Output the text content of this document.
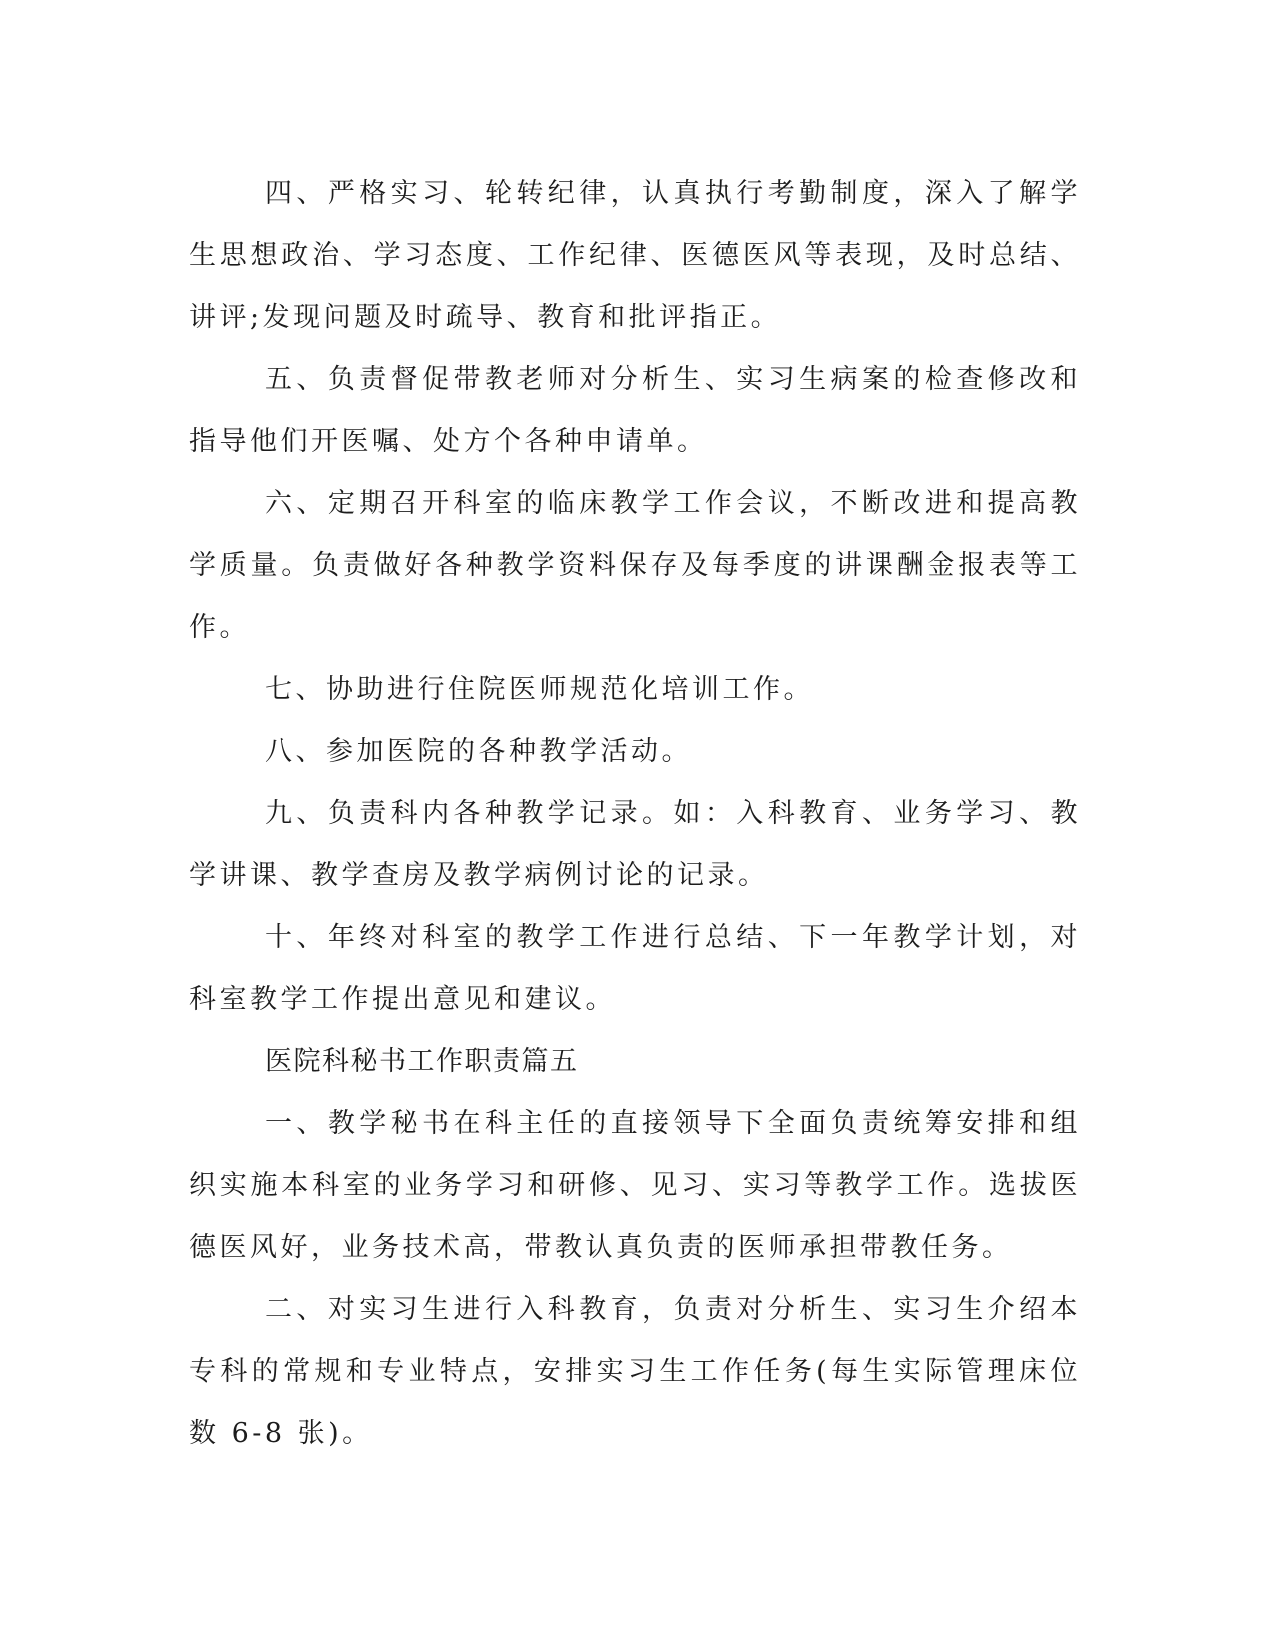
四、严格实习、轮转纪律，认真执行考勤制度，深入了解学生思想政治、学习态度、工作纪律、医德医风等表现，及时总结、讲评;发现问题及时疏导、教育和批评指正。

五、负责督促带教老师对分析生、实习生病案的检查修改和指导他们开医嘱、处方个各种申请单。

六、定期召开科室的临床教学工作会议，不断改进和提高教学质量。负责做好各种教学资料保存及每季度的讲课酬金报表等工作。

七、协助进行住院医师规范化培训工作。

八、参加医院的各种教学活动。

九、负责科内各种教学记录。如：入科教育、业务学习、教学讲课、教学查房及教学病例讨论的记录。

十、年终对科室的教学工作进行总结、下一年教学计划，对科室教学工作提出意见和建议。

医院科秘书工作职责篇五

一、教学秘书在科主任的直接领导下全面负责统筹安排和组织实施本科室的业务学习和研修、见习、实习等教学工作。选拔医德医风好，业务技术高，带教认真负责的医师承担带教任务。

二、对实习生进行入科教育，负责对分析生、实习生介绍本专科的常规和专业特点，安排实习生工作任务(每生实际管理床位数 6-8 张)。
